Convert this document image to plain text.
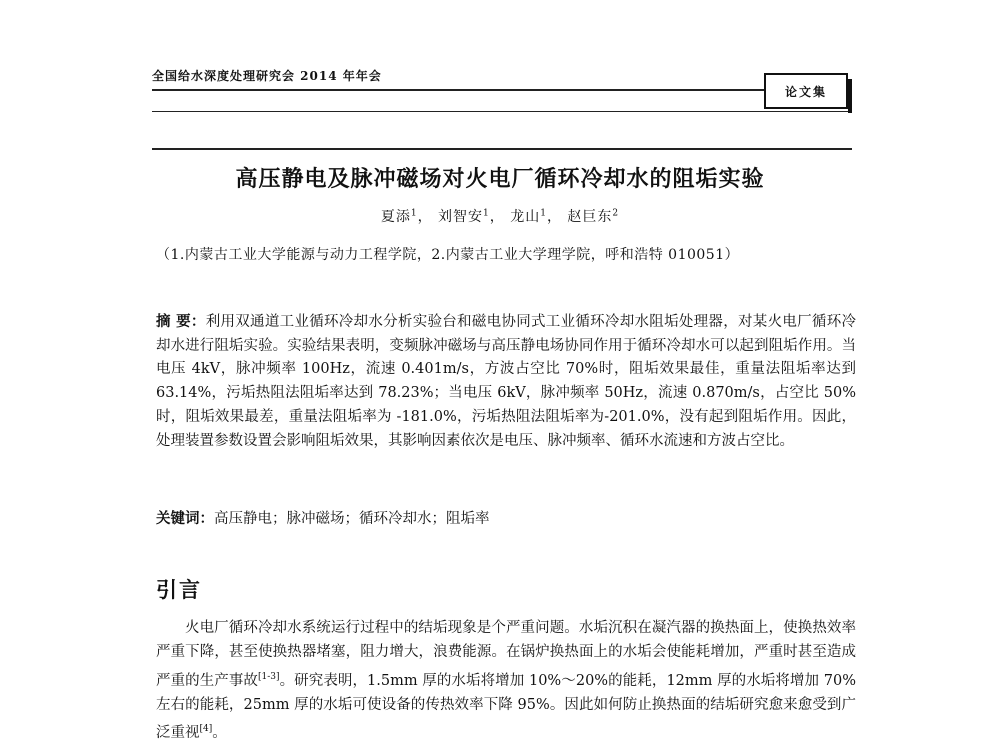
全国给水深度处理研究会 2014 年年会
论文集
高压静电及脉冲磁场对火电厂循环冷却水的阻垢实验
夏添$^1$， 刘智安$^1$， 龙山$^1$， 赵巨东$^2$
（1.内蒙古工业大学能源与动力工程学院，2.内蒙古工业大学理学院，呼和浩特 010051）
摘 要：利用双通道工业循环冷却水分析实验台和磁电协同式工业循环冷却水阻垢处理器，对某火电厂循环冷却水进行阻垢实验。实验结果表明，变频脉冲磁场与高压静电场协同作用于循环冷却水可以起到阻垢作用。当电压 4kV，脉冲频率 100Hz，流速 0.401m/s，方波占空比 70%时，阻垢效果最佳，重量法阻垢率达到 63.14%，污垢热阻法阻垢率达到 78.23%；当电压 6kV，脉冲频率 50Hz，流速 0.870m/s，占空比 50%时，阻垢效果最差，重量法阻垢率为 -181.0%，污垢热阻法阻垢率为-201.0%，没有起到阻垢作用。因此，处理装置参数设置会影响阻垢效果，其影响因素依次是电压、脉冲频率、循环水流速和方波占空比。
关键词：高压静电；脉冲磁场；循环冷却水；阻垢率
引言
火电厂循环冷却水系统运行过程中的结垢现象是个严重问题。水垢沉积在凝汽器的换热面上，使换热效率严重下降，甚至使换热器堵塞，阻力增大，浪费能源。在锅炉换热面上的水垢会使能耗增加，严重时甚至造成严重的生产事故[1-3]。研究表明，1.5mm 厚的水垢将增加 10%～20%的能耗，12mm 厚的水垢将增加 70%左右的能耗，25mm 厚的水垢可使设备的传热效率下降 95%。因此如何防止换热面的结垢研究愈来愈受到广泛重视[4]。
